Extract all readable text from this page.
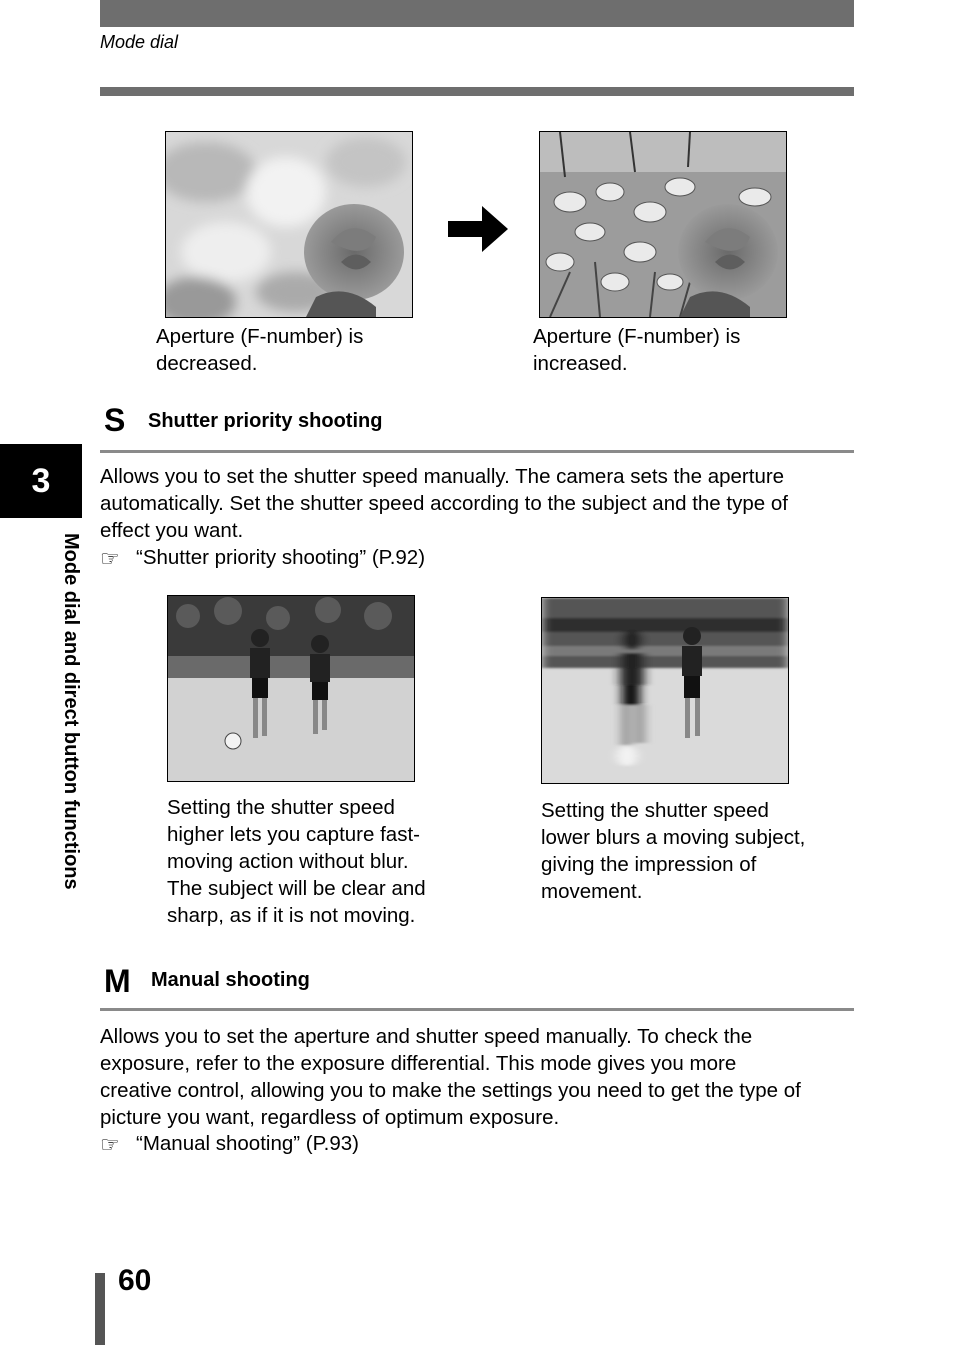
Mode dial
Aperture (F-number) is
decreased.
Aperture (F-number) is
increased.
S Shutter priority shooting
Allows you to set the shutter speed manually. The camera sets the aperture
automatically. Set the shutter speed according to the subject and the type of
effect you want.
☞ “Shutter priority shooting” (P.92)
Setting the shutter speed
higher lets you capture fast-
moving action without blur.
The subject will be clear and
sharp, as if it is not moving.
Setting the shutter speed
lower blurs a moving subject,
giving the impression of
movement.
M Manual shooting
Allows you to set the aperture and shutter speed manually. To check the
exposure, refer to the exposure differential. This mode gives you more
creative control, allowing you to make the settings you need to get the type of
picture you want, regardless of optimum exposure.
☞ “Manual shooting” (P.93)
3
Mode dial and direct button functions
60
